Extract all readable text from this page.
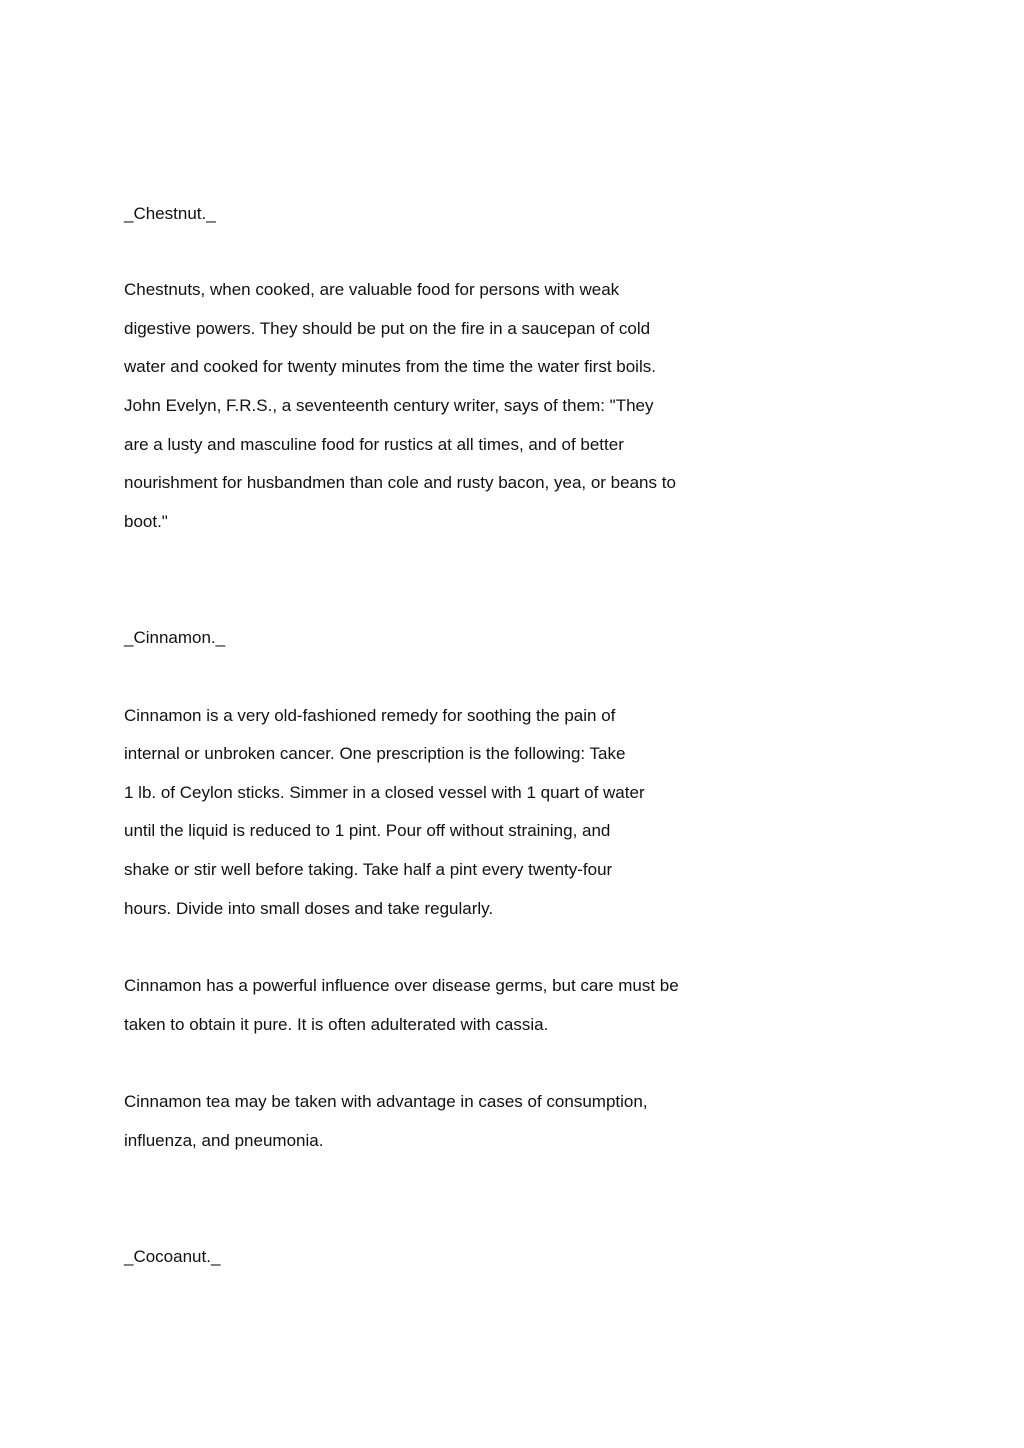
_Chestnut._
Chestnuts, when cooked, are valuable food for persons with weak
digestive powers. They should be put on the fire in a saucepan of cold
water and cooked for twenty minutes from the time the water first boils.
John Evelyn, F.R.S., a seventeenth century writer, says of them: "They
are a lusty and masculine food for rustics at all times, and of better
nourishment for husbandmen than cole and rusty bacon, yea, or beans to
boot."
_Cinnamon._
Cinnamon is a very old-fashioned remedy for soothing the pain of
internal or unbroken cancer. One prescription is the following: Take
1 lb. of Ceylon sticks. Simmer in a closed vessel with 1 quart of water
until the liquid is reduced to 1 pint. Pour off without straining, and
shake or stir well before taking. Take half a pint every twenty-four
hours. Divide into small doses and take regularly.
Cinnamon has a powerful influence over disease germs, but care must be
taken to obtain it pure. It is often adulterated with cassia.
Cinnamon tea may be taken with advantage in cases of consumption,
influenza, and pneumonia.
_Cocoanut._
